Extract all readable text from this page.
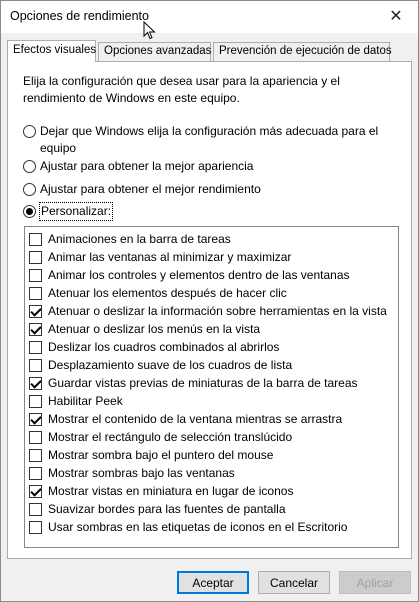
Opciones de rendimiento	✕
Efectos visuales Opciones avanzadas Prevención de ejecución de datos
Elija la configuración que desea usar para la apariencia y el rendimiento de Windows en este equipo.
Dejar que Windows elija la configuración más adecuada para el equipo
Ajustar para obtener la mejor apariencia
Ajustar para obtener el mejor rendimiento
Personalizar:
Animaciones en la barra de tareas
Animar las ventanas al minimizar y maximizar
Animar los controles y elementos dentro de las ventanas
Atenuar los elementos después de hacer clic
Atenuar o deslizar la información sobre herramientas en la vista
Atenuar o deslizar los menús en la vista
Deslizar los cuadros combinados al abrirlos
Desplazamiento suave de los cuadros de lista
Guardar vistas previas de miniaturas de la barra de tareas
Habilitar Peek
Mostrar el contenido de la ventana mientras se arrastra
Mostrar el rectángulo de selección translúcido
Mostrar sombra bajo el puntero del mouse
Mostrar sombras bajo las ventanas
Mostrar vistas en miniatura en lugar de iconos
Suavizar bordes para las fuentes de pantalla
Usar sombras en las etiquetas de iconos en el Escritorio
Aceptar	Cancelar	Aplicar
